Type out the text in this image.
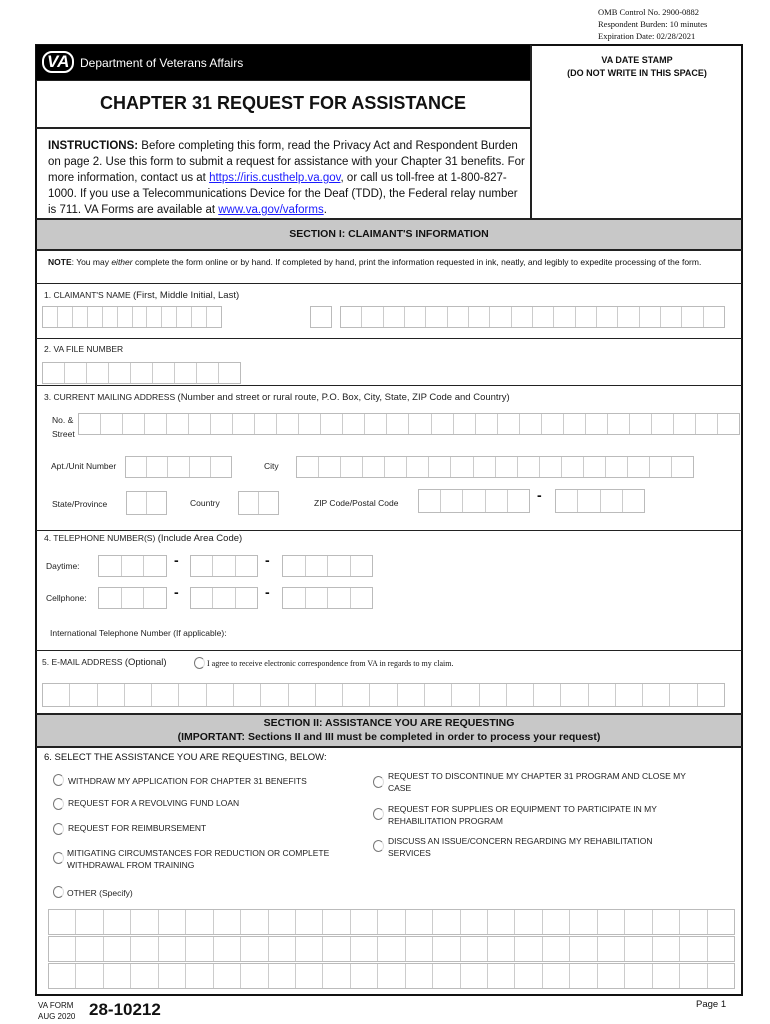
OMB Control No. 2900-0882
Respondent Burden: 10 minutes
Expiration Date: 02/28/2021
VA Department of Veterans Affairs	VA DATE STAMP
(DO NOT WRITE IN THIS SPACE)
CHAPTER 31 REQUEST FOR ASSISTANCE
INSTRUCTIONS: Before completing this form, read the Privacy Act and Respondent Burden on page 2. Use this form to submit a request for assistance with your Chapter 31 benefits. For more information, contact us at https://iris.custhelp.va.gov, or call us toll-free at 1-800-827-1000. If you use a Telecommunications Device for the Deaf (TDD), the Federal relay number is 711. VA Forms are available at www.va.gov/vaforms.
SECTION I: CLAIMANT'S INFORMATION
NOTE: You may either complete the form online or by hand. If completed by hand, print the information requested in ink, neatly, and legibly to expedite processing of the form.
1. CLAIMANT'S NAME (First, Middle Initial, Last)
2. VA FILE NUMBER
3. CURRENT MAILING ADDRESS (Number and street or rural route, P.O. Box, City, State, ZIP Code and Country)
No. &
Street
Apt./Unit Number	City
State/Province	Country	ZIP Code/Postal Code	-
4. TELEPHONE NUMBER(S) (Include Area Code)
Daytime:	-	-
Cellphone:	-	-
International Telephone Number (If applicable):
5. E-MAIL ADDRESS (Optional)	I agree to receive electronic correspondence from VA in regards to my claim.
SECTION II: ASSISTANCE YOU ARE REQUESTING
(IMPORTANT: Sections II and III must be completed in order to process your request)
6. SELECT THE ASSISTANCE YOU ARE REQUESTING, BELOW:
WITHDRAW MY APPLICATION FOR CHAPTER 31 BENEFITS
REQUEST FOR A REVOLVING FUND LOAN
REQUEST FOR REIMBURSEMENT
MITIGATING CIRCUMSTANCES FOR REDUCTION OR COMPLETE WITHDRAWAL FROM TRAINING
OTHER (Specify)
REQUEST TO DISCONTINUE MY CHAPTER 31 PROGRAM AND CLOSE MY CASE
REQUEST FOR SUPPLIES OR EQUIPMENT TO PARTICIPATE IN MY REHABILITATION PROGRAM
DISCUSS AN ISSUE/CONCERN REGARDING MY REHABILITATION SERVICES
VA FORM
AUG 2020 28-10212	Page 1
